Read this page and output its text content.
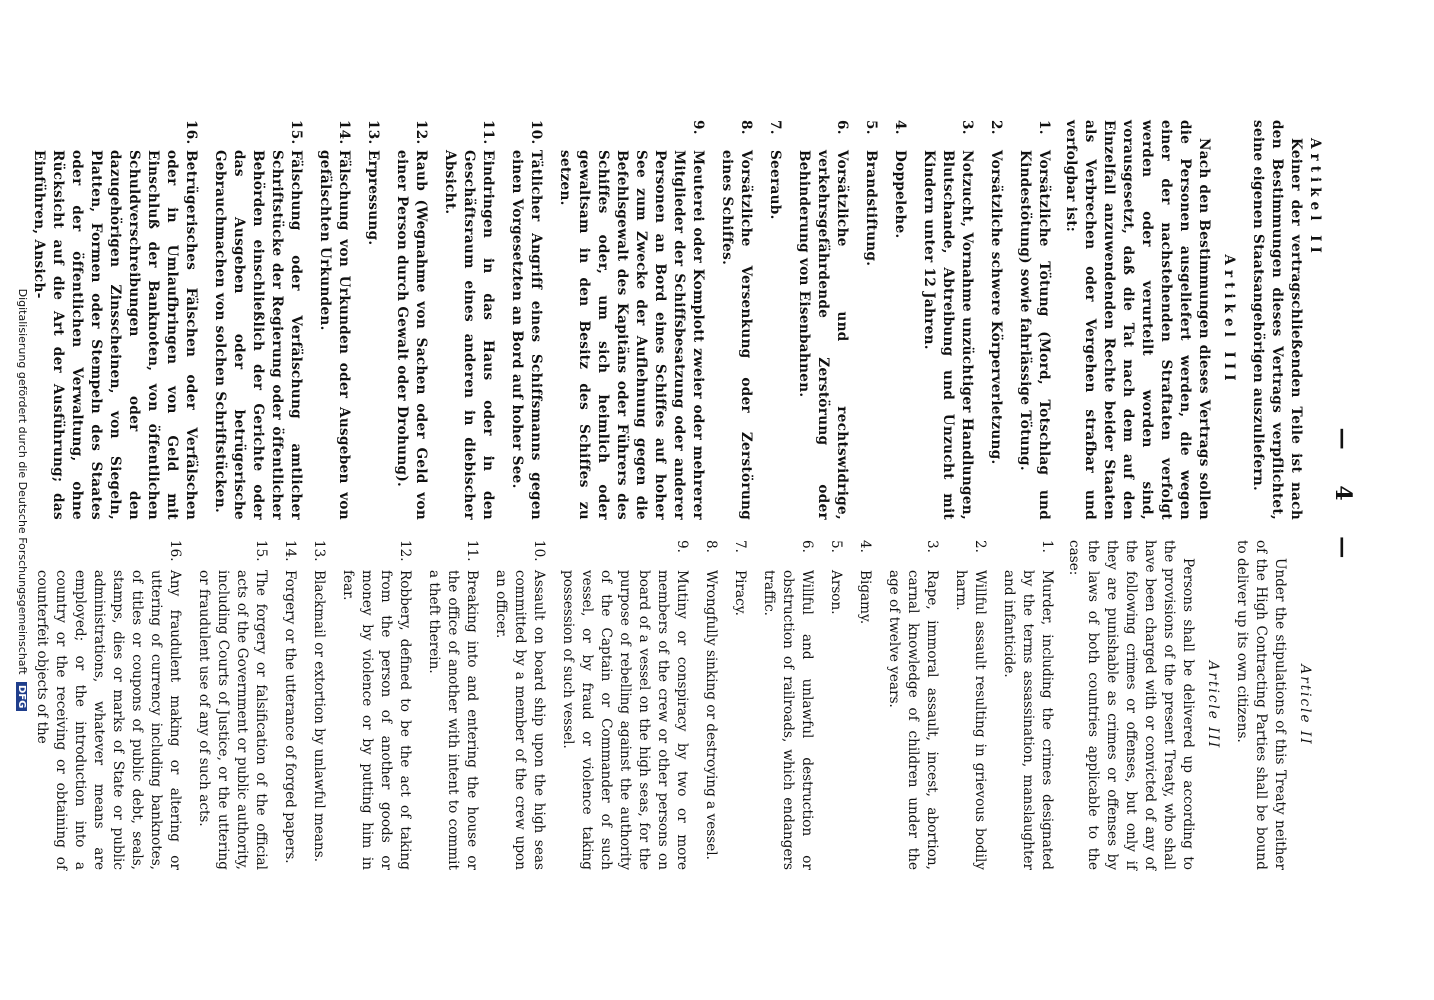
— 4 —

Artikel II

Keiner der vertragschließenden Teile ist nach den Bestimmungen dieses Vertrags verpflichtet, seine eigenen Staatsangehörigen auszuliefern.

Artikel III

Nach den Bestimmungen dieses Vertrags sollen die Personen ausgeliefert werden, die wegen einer der nachstehenden Straftaten verfolgt werden oder verurteilt worden sind, vorausgesetzt, daß die Tat nach dem auf den Einzelfall anzuwendenden Rechte beider Staaten als Verbrechen oder Vergehen strafbar und verfolgbar ist:

1.
Vorsätzliche Tötung (Mord, Totschlag und Kindestötung) sowie fahrlässige Tötung.
2.
Vorsätzliche schwere Körperverletzung.
3.
Notzucht, Vornahme unzüchtiger Handlungen, Blutschande, Abtreibung und Unzucht mit Kindern unter 12 Jahren.
4.
Doppelehe.
5.
Brandstiftung.
6.
Vorsätzliche und rechtswidrige, verkehrsgefährdende Zerstörung oder Behinderung von Eisenbahnen.
7.
Seeraub.
8.
Vorsätzliche Versenkung oder Zerstörung eines Schiffes.
9.
Meuterei oder Komplott zweier oder mehrerer Mitglieder der Schiffsbesatzung oder anderer Personen an Bord eines Schiffes auf hoher See zum Zwecke der Auflehnung gegen die Befehlsgewalt des Kapitäns oder Führers des Schiffes oder, um sich heimlich oder gewaltsam in den Besitz des Schiffes zu setzen.
10.
Tätlicher Angriff eines Schiffsmanns gegen einen Vorgesetzten an Bord auf hoher See.
11.
Eindringen in das Haus oder in den Geschäftsraum eines anderen in diebischer Absicht.
12.
Raub (Wegnahme von Sachen oder Geld von einer Person durch Gewalt oder Drohung).
13.
Erpressung.
14.
Fälschung von Urkunden oder Ausgeben von gefälschten Urkunden.
15.
Fälschung oder Verfälschung amtlicher Schriftstücke der Regierung oder öffentlicher Behörden einschließlich der Gerichte oder das Ausgeben oder betrügerische Gebrauchmachen von solchen Schriftstücken.
16.
Betrügerisches Fälschen oder Verfälschen oder in Umlaufbringen von Geld mit Einschluß der Banknoten, von öffentlichen Schuldverschreibungen oder den dazugehörigen Zinsscheinen, von Siegeln, Platten, Formen oder Stempeln des Staates oder der öffentlichen Verwaltung, ohne Rücksicht auf die Art der Ausführung; das Einführen, Ansich-
Digitalisierung gefördert durch die Deutsche Forschungsgemeinschaft DFG	Article II

Under the stipulations of this Treaty neither of the High Contracting Parties shall be bound to deliver up its own citizens.

Article III

Persons shall be delivered up according to the provisions of the present Treaty, who shall have been charged with or convicted of any of the following crimes or offenses, but only if they are punishable as crimes or offenses by the laws of both countries applicable to the case:

1.
Murder, including the crimes designated by the terms assassination, manslaughter and infanticide.
2.
Willful assault resulting in grievous bodily harm.
3.
Rape, immoral assault, incest, abortion, carnal knowledge of children under the age of twelve years.
4.
Bigamy.
5.
Arson.
6.
Willful and unlawful destruction or obstruction of railroads, which endangers traffic.
7.
Piracy.
8.
Wrongfully sinking or destroying a vessel.
9.
Mutiny or conspiracy by two or more members of the crew or other persons on board of a vessel on the high seas, for the purpose of rebelling against the authority of the Captain or Commander of such vessel, or by fraud or violence taking possession of such vessel.
10.
Assault on board ship upon the high seas committed by a member of the crew upon an officer.
11.
Breaking into and entering the house or the office of another with intent to commit a theft therein.
12.
Robbery, defined to be the act of taking from the person of another goods or money by violence or by putting him in fear.
13.
Blackmail or extortion by unlawful means.
14.
Forgery or the utterance of forged papers.
15.
The forgery or falsification of the official acts of the Government or public authority, including Courts of Justice, or the uttering or fraudulent use of any of such acts.
16.
Any fraudulent making or altering or uttering of currency including banknotes, of titles or coupons of public debt, seals, stamps, dies or marks of State or public administrations, whatever means are employed; or the introduction into a country or the receiving or obtaining of counterfeit objects of the
